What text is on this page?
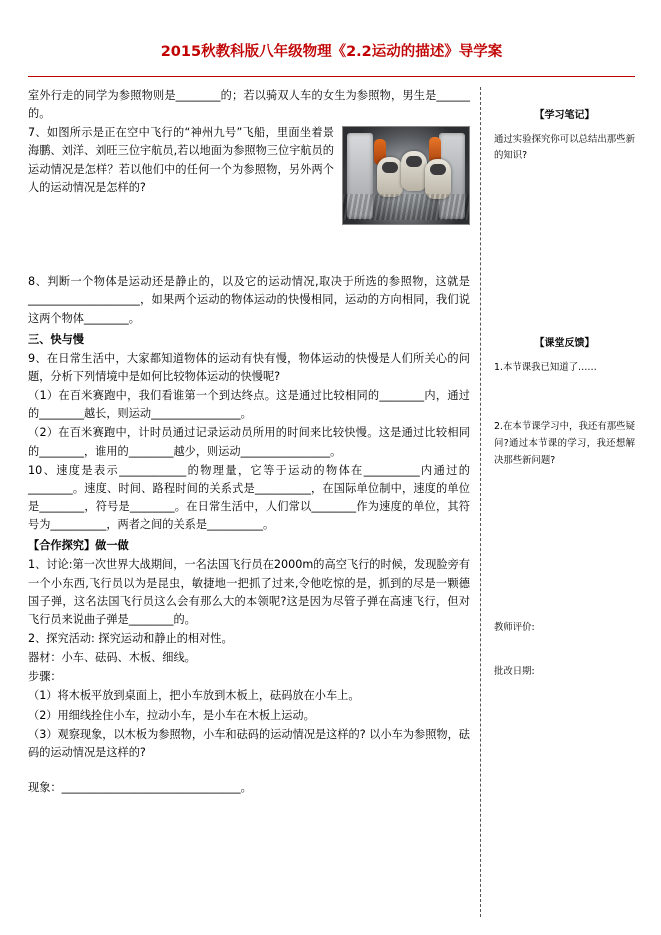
2015秋教科版八年级物理《2.2运动的描述》导学案

室外行走的同学为参照物则是________的；若以骑双人车的女生为参照物，男生是______的。

7、如图所示是正在空中飞行的“神州九号”飞船，里面坐着景海鹏、刘洋、刘旺三位宇航员,若以地面为参照物三位宇航员的运动情况是怎样？若以他们中的任何一个为参照物，另外两个人的运动情况是怎样的?

8、判断一个物体是运动还是静止的，以及它的运动情况,取决于所选的参照物，这就是____________________，如果两个运动的物体运动的快慢相同，运动的方向相同，我们说这两个物体________。

三、快与慢

9、在日常生活中，大家都知道物体的运动有快有慢，物体运动的快慢是人们所关心的问题，分析下列情境中是如何比较物体运动的快慢呢?

（1）在百米赛跑中，我们看谁第一个到达终点。这是通过比较相同的________内，通过的________越长，则运动________________。

（2）在百米赛跑中，计时员通过记录运动员所用的时间来比较快慢。这是通过比较相同的________，谁用的________越少，则运动________________。

10、速度是表示____________的物理量，它等于运动的物体在__________内通过的________。速度、时间、路程时间的关系式是__________，在国际单位制中，速度的单位是________，符号是________。在日常生活中，人们常以________作为速度的单位，其符号为__________，两者之间的关系是__________。

【合作探究】做一做

1、讨论:第一次世界大战期间，一名法国飞行员在2000m的高空飞行的时候，发现脸旁有一个小东西,飞行员以为是昆虫，敏捷地一把抓了过来,令他吃惊的是，抓到的尽是一颗德国子弹，这名法国飞行员这么会有那么大的本领呢?这是因为尽管子弹在高速飞行，但对飞行员来说曲子弹是________的。

2、探究活动: 探究运动和静止的相对性。

器材：小车、砝码、木板、细线。

步骤：

（1）将木板平放到桌面上，把小车放到木板上，砝码放在小车上。

（2）用细线拴住小车，拉动小车，是小车在木板上运动。

（3）观察现象，以木板为参照物，小车和砝码的运动情况是这样的? 以小车为参照物，砝码的运动情况是这样的?

现象：________________________________。

【学习笔记】

通过实验探究你可以总结出那些新的知识?

【课堂反馈】

1.本节课我已知道了……

2.在本节课学习中，我还有那些疑问?通过本节课的学习，我还想解决那些新问题?

教师评价:

批改日期:
